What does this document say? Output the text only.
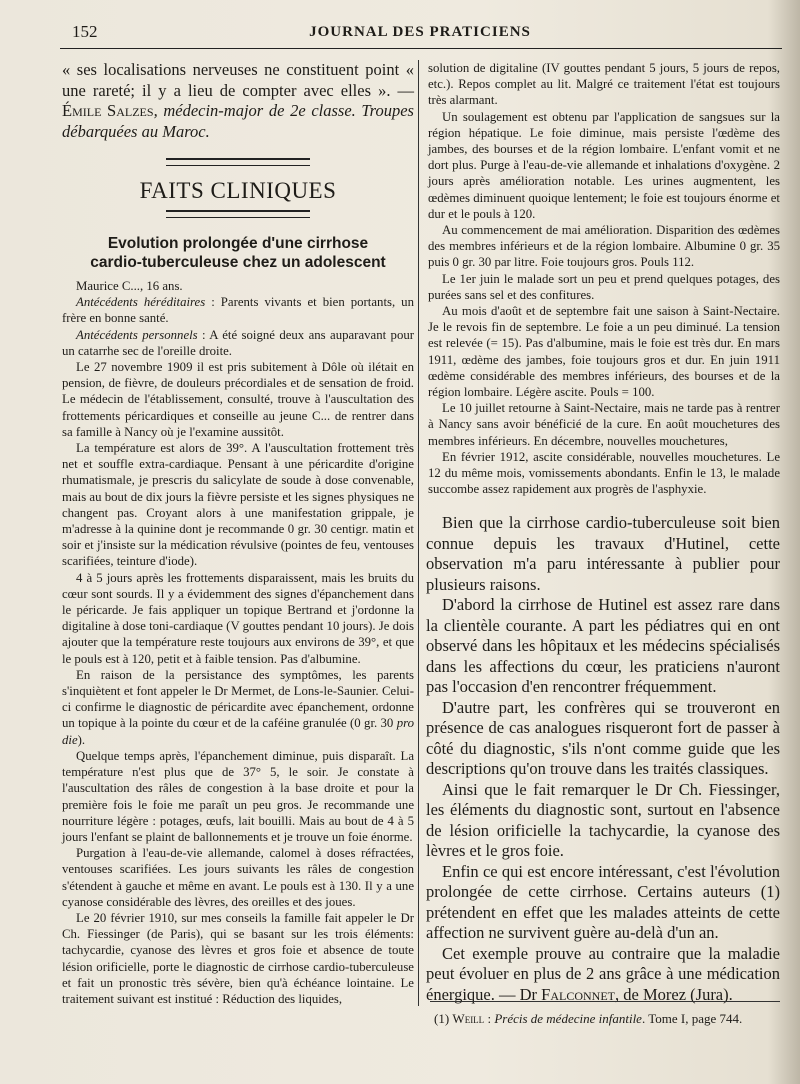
152	JOURNAL DES PRATICIENS

« ses localisations nerveuses ne constituent point « une rareté; il y a lieu de compter avec elles ». — Émile Salzes, médecin-major de 2e classe. Troupes débarquées au Maroc.

FAITS CLINIQUES
Evolution prolongée d'une cirrhose
cardio-tuberculeuse chez un adolescent

Maurice C..., 16 ans.

Antécédents héréditaires : Parents vivants et bien portants, un frère en bonne santé.

Antécédents personnels : A été soigné deux ans auparavant pour un catarrhe sec de l'oreille droite.

Le 27 novembre 1909 il est pris subitement à Dôle où ilétait en pension, de fièvre, de douleurs précordiales et de sensation de froid. Le médecin de l'établissement, consulté, trouve à l'auscultation des frottements péricardiques et conseille au jeune C... de rentrer dans sa famille à Nancy où je l'examine aussitôt.

La température est alors de 39°. A l'auscultation frottement très net et souffle extra-cardiaque. Pensant à une péricardite d'origine rhumatismale, je prescris du salicylate de soude à dose convenable, mais au bout de dix jours la fièvre persiste et les signes physiques ne changent pas. Croyant alors à une manifestation grippale, je m'adresse à la quinine dont je recommande 0 gr. 30 centigr. matin et soir et j'insiste sur la médication révulsive (pointes de feu, ventouses scarifiées, teinture d'iode).

4 à 5 jours après les frottements disparaissent, mais les bruits du cœur sont sourds. Il y a évidemment des signes d'épanchement dans le péricarde. Je fais appliquer un topique Bertrand et j'ordonne la digitaline à dose toni-cardiaque (V gouttes pendant 10 jours). Je dois ajouter que la température reste toujours aux environs de 39°, et que le pouls est à 120, petit et à faible tension. Pas d'albumine.

En raison de la persistance des symptômes, les parents s'inquiètent et font appeler le Dr Mermet, de Lons-le-Saunier. Celui-ci confirme le diagnostic de péricardite avec épanchement, ordonne un topique à la pointe du cœur et de la caféine granulée (0 gr. 30 pro die).

Quelque temps après, l'épanchement diminue, puis disparaît. La température n'est plus que de 37° 5, le soir. Je constate à l'auscultation des râles de congestion à la base droite et pour la première fois le foie me paraît un peu gros. Je recommande une nourriture légère : potages, œufs, lait bouilli. Mais au bout de 4 à 5 jours l'enfant se plaint de ballonnements et je trouve un foie énorme.

Purgation à l'eau-de-vie allemande, calomel à doses réfractées, ventouses scarifiées. Les jours suivants les râles de congestion s'étendent à gauche et même en avant. Le pouls est à 130. Il y a une cyanose considérable des lèvres, des oreilles et des joues.

Le 20 février 1910, sur mes conseils la famille fait appeler le Dr Ch. Fiessinger (de Paris), qui se basant sur les trois éléments: tachycardie, cyanose des lèvres et gros foie et absence de toute lésion orificielle, porte le diagnostic de cirrhose cardio-tuberculeuse et fait un pronostic très sévère, bien qu'à échéance lointaine. Le traitement suivant est institué : Réduction des liquides,

solution de digitaline (IV gouttes pendant 5 jours, 5 jours de repos, etc.). Repos complet au lit. Malgré ce traitement l'état est toujours très alarmant.

Un soulagement est obtenu par l'application de sangsues sur la région hépatique. Le foie diminue, mais persiste l'œdème des jambes, des bourses et de la région lombaire. L'enfant vomit et ne dort plus. Purge à l'eau-de-vie allemande et inhalations d'oxygène. 2 jours après amélioration notable. Les urines augmentent, les œdèmes diminuent quoique lentement; le foie est toujours énorme et dur et le pouls à 120.

Au commencement de mai amélioration. Disparition des œdèmes des membres inférieurs et de la région lombaire. Albumine 0 gr. 35 puis 0 gr. 30 par litre. Foie toujours gros. Pouls 112.

Le 1er juin le malade sort un peu et prend quelques potages, des purées sans sel et des confitures.

Au mois d'août et de septembre fait une saison à Saint-Nectaire. Je le revois fin de septembre. Le foie a un peu diminué. La tension est relevée (= 15). Pas d'albumine, mais le foie est très dur. En mars 1911, œdème des jambes, foie toujours gros et dur. En juin 1911 œdème considérable des membres inférieurs, des bourses et de la région lombaire. Légère ascite. Pouls = 100.

Le 10 juillet retourne à Saint-Nectaire, mais ne tarde pas à rentrer à Nancy sans avoir bénéficié de la cure. En août mouchetures des membres inférieurs. En décembre, nouvelles mouchetures,

En février 1912, ascite considérable, nouvelles mouchetures. Le 12 du même mois, vomissements abondants. Enfin le 13, le malade succombe assez rapidement aux progrès de l'asphyxie.

Bien que la cirrhose cardio-tuberculeuse soit bien connue depuis les travaux d'Hutinel, cette observation m'a paru intéressante à publier pour plusieurs raisons.

D'abord la cirrhose de Hutinel est assez rare dans la clientèle courante. A part les pédiatres qui en ont observé dans les hôpitaux et les médecins spécialisés dans les affections du cœur, les praticiens n'auront pas l'occasion d'en rencontrer fréquemment.

D'autre part, les confrères qui se trouveront en présence de cas analogues risqueront fort de passer à côté du diagnostic, s'ils n'ont comme guide que les descriptions qu'on trouve dans les traités classiques.

Ainsi que le fait remarquer le Dr Ch. Fiessinger, les éléments du diagnostic sont, surtout en l'absence de lésion orificielle la tachycardie, la cyanose des lèvres et le gros foie.

Enfin ce qui est encore intéressant, c'est l'évolution prolongée de cette cirrhose. Certains auteurs (1) prétendent en effet que les malades atteints de cette affection ne survivent guère au-delà d'un an.

Cet exemple prouve au contraire que la maladie peut évoluer en plus de 2 ans grâce à une médication énergique. — Dr Falconnet, de Morez (Jura).

(1) Weill : Précis de médecine infantile. Tome I, page 744.
